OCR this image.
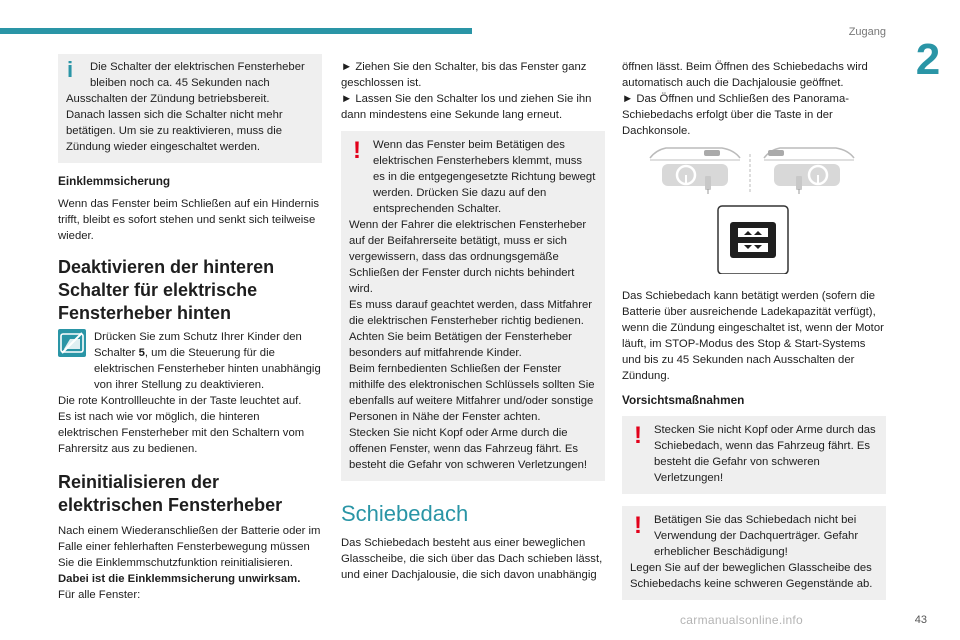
Zugang
2
i	Die Schalter der elektrischen Fensterheber bleiben noch ca. 45 Sekunden nach

Ausschalten der Zündung betriebsbereit.

Danach lassen sich die Schalter nicht mehr betätigen. Um sie zu reaktivieren, muss die Zündung wieder eingeschaltet werden.

Einklemmsicherung

Wenn das Fenster beim Schließen auf ein Hindernis trifft, bleibt es sofort stehen und senkt sich teilweise wieder.

Deaktivieren der hinteren Schalter für elektrische Fensterheber hinten

Drücken Sie zum Schutz Ihrer Kinder den Schalter 5, um die Steuerung für die elektrischen Fensterheber hinten unabhängig von ihrer Stellung zu deaktivieren.

Die rote Kontrollleuchte in der Taste leuchtet auf.

Es ist nach wie vor möglich, die hinteren elektrischen Fensterheber mit den Schaltern vom Fahrersitz aus zu bedienen.

Reinitialisieren der elektrischen Fensterheber

Nach einem Wiederanschließen der Batterie oder im Falle einer fehlerhaften Fensterbewegung müssen Sie die Einklemmschutzfunktion reinitialisieren.

Dabei ist die Einklemmsicherung unwirksam.

Für alle Fenster:

► Ziehen Sie den Schalter, bis das Fenster ganz geschlossen ist.

► Lassen Sie den Schalter los und ziehen Sie ihn dann mindestens eine Sekunde lang erneut.

!	Wenn das Fenster beim Betätigen des elektrischen Fensterhebers klemmt, muss es in die entgegengesetzte Richtung bewegt werden. Drücken Sie dazu auf den entsprechenden Schalter.

Wenn der Fahrer die elektrischen Fensterheber auf der Beifahrerseite betätigt, muss er sich vergewissern, dass das ordnungsgemäße Schließen der Fenster durch nichts behindert wird.

Es muss darauf geachtet werden, dass Mitfahrer die elektrischen Fensterheber richtig bedienen. Achten Sie beim Betätigen der Fensterheber besonders auf mitfahrende Kinder.

Beim fernbedienten Schließen der Fenster mithilfe des elektronischen Schlüssels sollten Sie ebenfalls auf weitere Mitfahrer und/oder sonstige Personen in Nähe der Fenster achten.

Stecken Sie nicht Kopf oder Arme durch die offenen Fenster, wenn das Fahrzeug fährt. Es besteht die Gefahr von schweren Verletzungen!

Schiebedach

Das Schiebedach besteht aus einer beweglichen Glasscheibe, die sich über das Dach schieben lässt, und einer Dachjalousie, die sich davon unabhängig

öffnen lässt. Beim Öffnen des Schiebedachs wird automatisch auch die Dachjalousie geöffnet.

► Das Öffnen und Schließen des Panorama-Schiebedachs erfolgt über die Taste in der Dachkonsole.

Das Schiebedach kann betätigt werden (sofern die Batterie über ausreichende Ladekapazität verfügt), wenn die Zündung eingeschaltet ist, wenn der Motor läuft, im STOP-Modus des Stop & Start-Systems und bis zu 45 Sekunden nach Ausschalten der Zündung.

Vorsichtsmaßnahmen
!	Stecken Sie nicht Kopf oder Arme durch das Schiebedach, wenn das Fahrzeug fährt. Es besteht die Gefahr von schweren Verletzungen!

!	Betätigen Sie das Schiebedach nicht bei Verwendung der Dachquerträger. Gefahr erheblicher Beschädigung!

Legen Sie auf der beweglichen Glasscheibe des Schiebedachs keine schweren Gegenstände ab.

carmanualsonline.info	43
